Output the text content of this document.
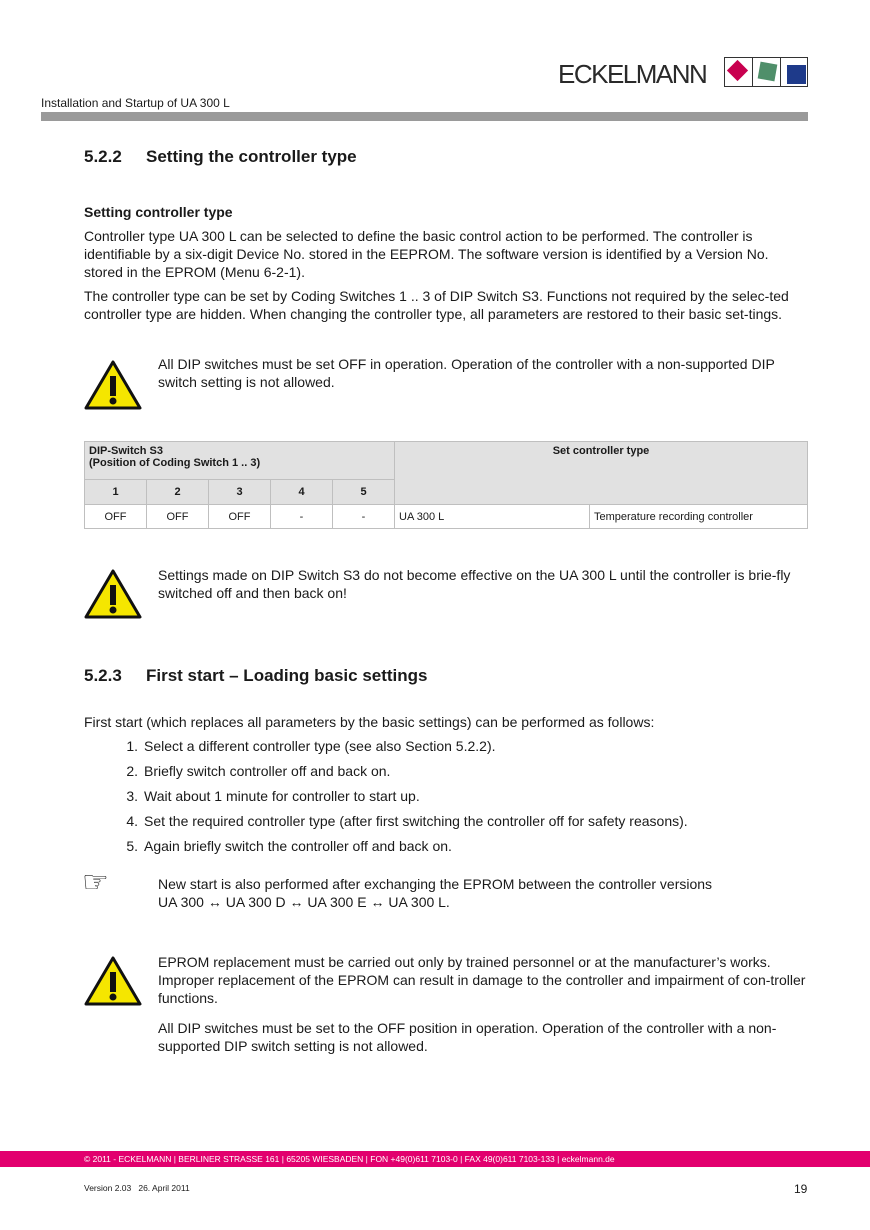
ECKELMANN
Installation and Startup of UA 300 L
5.2.2 Setting the controller type
Setting controller type
Controller type UA 300 L can be selected to define the basic control action to be performed. The controller is identifiable by a six-digit Device No. stored in the EEPROM. The software version is identified by a Version No. stored in the EPROM (Menu 6-2-1).
The controller type can be set by Coding Switches 1 .. 3 of DIP Switch S3. Functions not required by the selec-ted controller type are hidden. When changing the controller type, all parameters are restored to their basic set-tings.
All DIP switches must be set OFF in operation. Operation of the controller with a non-supported DIP switch setting is not allowed.
DIP-Switch S3
(Position of Coding Switch 1 .. 3)					Set controller type	
1	2	3	4	5		
OFF	OFF	OFF	-	-	UA 300 L	Temperature recording controller
Settings made on DIP Switch S3 do not become effective on the UA 300 L until the controller is brie-fly switched off and then back on!
5.2.3 First start – Loading basic settings
First start (which replaces all parameters by the basic settings) can be performed as follows:
1. Select a different controller type (see also Section 5.2.2).
2. Briefly switch controller off and back on.
3. Wait about 1 minute for controller to start up.
4. Set the required controller type (after first switching the controller off for safety reasons).
5. Again briefly switch the controller off and back on.
☞	New start is also performed after exchanging the EPROM between the controller versions
UA 300 ↔ UA 300 D ↔ UA 300 E ↔ UA 300 L.
EPROM replacement must be carried out only by trained personnel or at the manufacturer’s works. Improper replacement of the EPROM can result in damage to the controller and impairment of con-troller functions.
All DIP switches must be set to the OFF position in operation. Operation of the controller with a non-supported DIP switch setting is not allowed.
© 2011 - ECKELMANN | BERLINER STRASSE 161 | 65205 WIESBADEN | FON +49(0)611 7103-0 | FAX 49(0)611 7103-133 | eckelmann.de
Version 2.03   26. April 2011	19
